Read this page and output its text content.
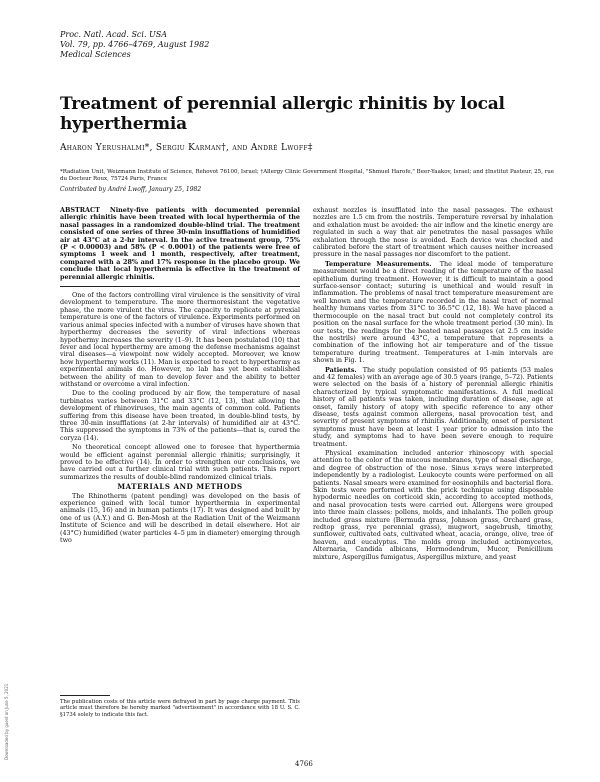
Proc. Natl. Acad. Sci. USA
Vol. 79, pp. 4766–4769, August 1982
Medical Sciences
Treatment of perennial allergic rhinitis by local hyperthermia
Aharon Yerushalmi*, Sergiu Karman†, and André Lwoff‡
*Radiation Unit, Weizmann Institute of Science, Rehovot 76100, Israel; †Allergy Clinic Government Hospital, "Shmuel Harofe," Beer-Yaakov, Israel; and ‡Institut Pasteur, 25, rue du Docteur Roux, 75724 Paris, France
Contributed by André Lwoff, January 25, 1982

ABSTRACT Ninety-five patients with documented perennial allergic rhinitis have been treated with local hyperthermia of the nasal passages in a randomized double-blind trial. The treatment consisted of one series of three 30-min insufflations of humidified air at 43°C at a 2-hr interval. In the active treatment group, 75% (P < 0.00003) and 58% (P < 0.0001) of the patients were free of symptoms 1 week and 1 month, respectively, after treatment, compared with a 28% and 17% response in the placebo group. We conclude that local hyperthermia is effective in the treatment of perennial allergic rhinitis.

One of the factors controlling viral virulence is the sensitivity of viral development to temperature. The more thermoresistant the vegetative phase, the more virulent the virus. The capacity to replicate at pyrexial temperature is one of the factors of virulence. Experiments performed on various animal species infected with a number of viruses have shown that hyperthermy decreases the severity of viral infections whereas hypothermy increases the severity (1–9). It has been postulated (10) that fever and local hyperthermy are among the defense mechanisms against viral diseases—a viewpoint now widely accepted. Moreover, we know how hyperthermy works (11). Man is expected to react to hyperthermy as experimental animals do. However, no lab has yet been established between the ability of man to develop fever and the ability to better withstand or overcome a viral infection.

Due to the cooling produced by air flow, the temperature of nasal turbinates varies between 31°C and 33°C (12, 13), that allowing the development of rhinoviruses, the main agents of common cold. Patients suffering from this disease have been treated, in double-blind tests, by three 30-min insufflations (at 2-hr intervals) of humidified air at 43°C. This suppressed the symptoms in 73% of the patients—that is, cured the coryza (14).

No theoretical concept allowed one to foresee that hyperthermia would be efficient against perennial allergic rhinitis; surprisingly, it proved to be effective (14). In order to strengthen our conclusions, we have carried out a further clinical trial with such patients. This report summarizes the results of double-blind randomized clinical trials.

MATERIALS AND METHODS

The Rhinotherm (patent pending) was developed on the basis of experience gained with local tumor hyperthermia in experimental animals (15, 16) and in human patients (17). It was designed and built by one of us (A.Y.) and G. Ben-Mosh at the Radiation Unit of the Weizmann Institute of Science and will be described in detail elsewhere. Hot air (43°C) humidified (water particles 4–5 μm in diameter) emerging through two

exhaust nozzles is insufflated into the nasal passages. The exhaust nozzles are 1.5 cm from the nostrils. Temperature reversal by inhalation and exhalation must be avoided: the air inflow and the kinetic energy are regulated in such a way that air penetrates the nasal passages while exhalation through the nose is avoided. Each device was checked and calibrated before the start of treatment which causes neither increased pressure in the nasal passages nor discomfort to the patient.

Temperature Measurements. The ideal mode of temperature measurement would be a direct reading of the temperature of the nasal epithelium during treatment. However, it is difficult to maintain a good surface-sensor contact; suturing is unethical and would result in inflammation. The problems of nasal tract temperature measurement are well known and the temperature recorded in the nasal tract of normal healthy humans varies from 31°C to 36.5°C (12, 18). We have placed a thermocouple on the nasal tract but could not completely control its position on the nasal surface for the whole treatment period (30 min). In our tests, the readings for the heated nasal passages (at 2.5 cm inside the nostrils) were around 43°C, a temperature that represents a combination of the inflowing hot air temperature and of the tissue temperature during treatment. Temperatures at 1-min intervals are shown in Fig. 1.

Patients. The study population consisted of 95 patients (53 males and 42 females) with an average age of 30.5 years (range, 5–72). Patients were selected on the basis of a history of perennial allergic rhinitis characterized by typical symptomatic manifestations. A full medical history of all patients was taken, including duration of disease, age at onset, family history of atopy with specific reference to any other disease, tests against common allergens, nasal provocation test, and severity of present symptoms of rhinitis. Additionally, onset of persistent symptoms must have been at least 1 year prior to admission into the study, and symptoms had to have been severe enough to require treatment.

Physical examination included anterior rhinoscopy with special attention to the color of the mucous membranes, type of nasal discharge, and degree of obstruction of the nose. Sinus x-rays were interpreted independently by a radiologist. Leukocyte counts were performed on all patients. Nasal smears were examined for eosinophils and bacterial flora. Skin tests were performed with the prick technique using disposable hypodermic needles on corticoid skin, according to accepted methods, and nasal provocation tests were carried out. Allergens were grouped into three main classes: pollens, molds, and inhalants. The pollen group included grass mixture (Bermuda grass, Johnson grass, Orchard grass, redtop grass, rye perennial grass), mugwort, sagebrush, timothy, sunflower, cultivated oats, cultivated wheat, acacia, orange, olive, tree of heaven, and eucalyptus. The molds group included actinomycetes, Alternaria, Candida albicans, Hormodendrum, Mucor, Penicillium mixture, Aspergillus fumigatus, Aspergillus mixture, and yeast

The publication costs of this article were defrayed in part by page charge payment. This article must therefore be hereby marked "advertisement" in accordance with 18 U. S. C. §1734 solely to indicate this fact.
4766
Downloaded by guest on June 5, 2021
